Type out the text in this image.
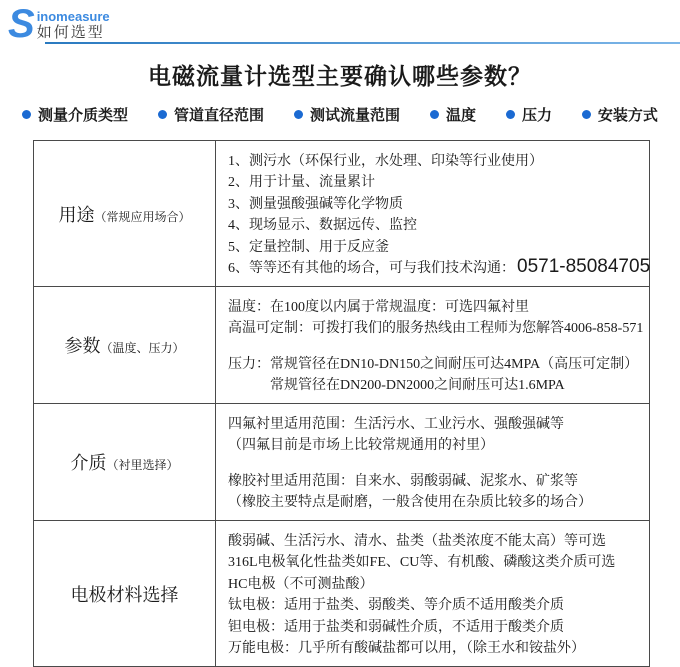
S inomeasure
如何选型
电磁流量计选型主要确认哪些参数？
测量介质类型	管道直径范围	测试流量范围	温度	压力	安装方式
用途（常规应用场合）	
1、测污水（环保行业，水处理、印染等行业使用）
2、用于计量、流量累计
3、测量强酸强碱等化学物质
4、现场显示、数据远传、监控
5、定量控制、用于反应釜
6、等等还有其他的场合，可与我们技术沟通： 0571-85084705

参数（温度、压力）	温度：在100度以内属于常规温度：可选四氟衬里
高温可定制：可拨打我们的服务热线由工程师为您解答4006-858-571
压力：常规管径在DN10-DN150之间耐压可达4MPA（高压可定制）
　　　常规管径在DN200-DN2000之间耐压可达1.6MPA

介质（衬里选择）	四氟衬里适用范围：生活污水、工业污水、强酸强碱等
（四氟目前是市场上比较常规通用的衬里）
橡胶衬里适用范围：自来水、弱酸弱碱、泥浆水、矿浆等
（橡胶主要特点是耐磨，一般含使用在杂质比较多的场合）

电极材料选择	
酸弱碱、生活污水、清水、盐类（盐类浓度不能太高）等可选
316L电极氧化性盐类如FE、CU等、有机酸、磷酸这类介质可选
HC电极（不可测盐酸）
钛电极：适用于盐类、弱酸类、等介质不适用酸类介质
钽电极：适用于盐类和弱碱性介质，不适用于酸类介质
万能电极：几乎所有酸碱盐都可以用，（除王水和铵盐外）
